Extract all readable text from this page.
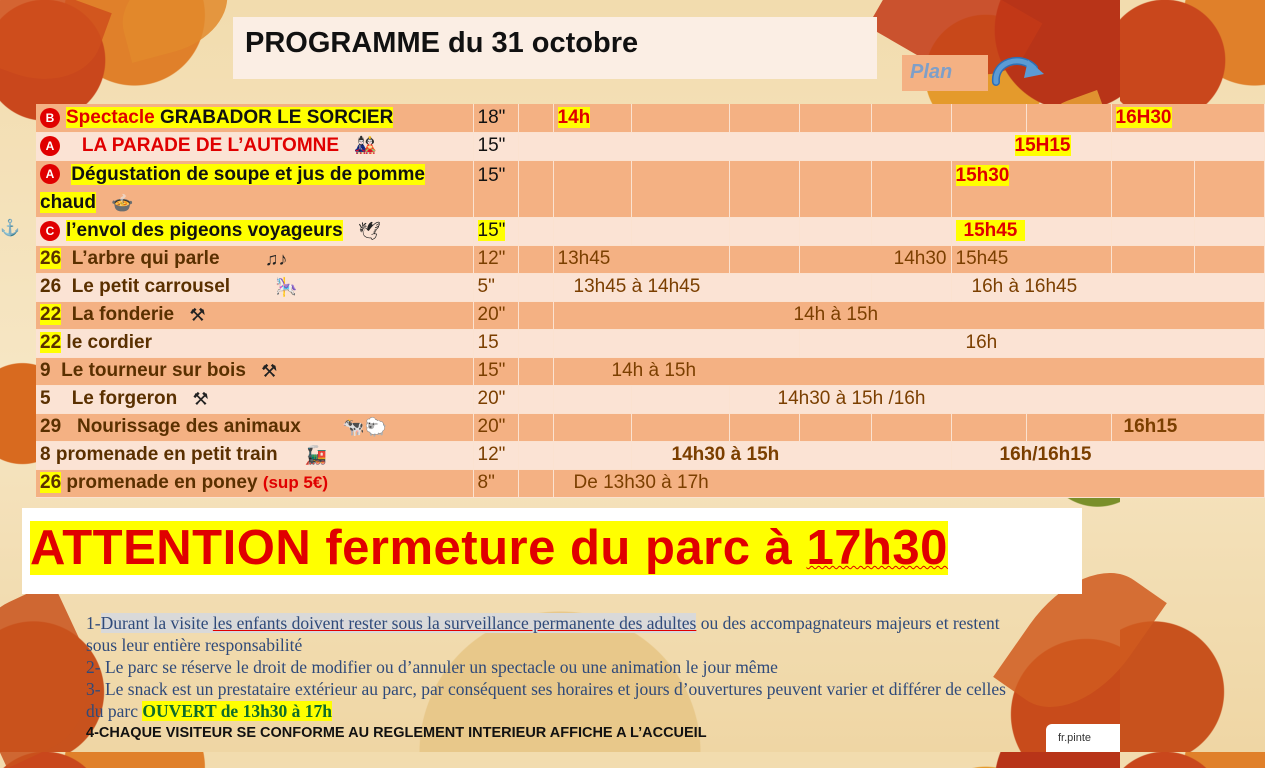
PROGRAMME du 31 octobre
Plan
⚓
B Spectacle GRABADOR LE SORCIER	18"		14h							16H30	
A LA PARADE DE L’AUTOMNE 🎎	15"	15H15									
A Dégustation de soupe et jus de pomme chaud 🍲	15"							15h30			
C l’envol des pigeons voyageurs 🕊	15"							15h45			
26 L’arbre qui parle ♫♪	12"		13h45			14h30		15h45			
26 Le petit carrousel 🎠	5"		13h45 à 14h45					16h à 16h45			
22 La fonderie ⚒	20"		14h à 15h								
22 le cordier	15					16h					
9 Le tourneur sur bois ⚒	15"		14h à 15h								
5 Le forgeron ⚒	20"				14h30 à 15h /16h						
29 Nourissage des animaux 🐄🐑	20"									16h15	
8 promenade en petit train 🚂	12"			14h30 à 15h				16h/16h15			
26 promenade en poney (sup 5€)	8"		De 13h30 à 17h								
ATTENTION fermeture du parc à 17h30
1-Durant la visite les enfants doivent rester sous la surveillance permanente des adultes ou des accompagnateurs majeurs et restent sous leur entière responsabilité
2- Le parc se réserve le droit de modifier ou d’annuler un spectacle ou une animation le jour même
3- Le snack est un prestataire extérieur au parc, par conséquent ses horaires et jours d’ouvertures peuvent varier et différer de celles du parc OUVERT de 13h30 à 17h
4-CHAQUE VISITEUR SE CONFORME AU REGLEMENT INTERIEUR AFFICHE A L’ACCUEIL	fr.pinte
